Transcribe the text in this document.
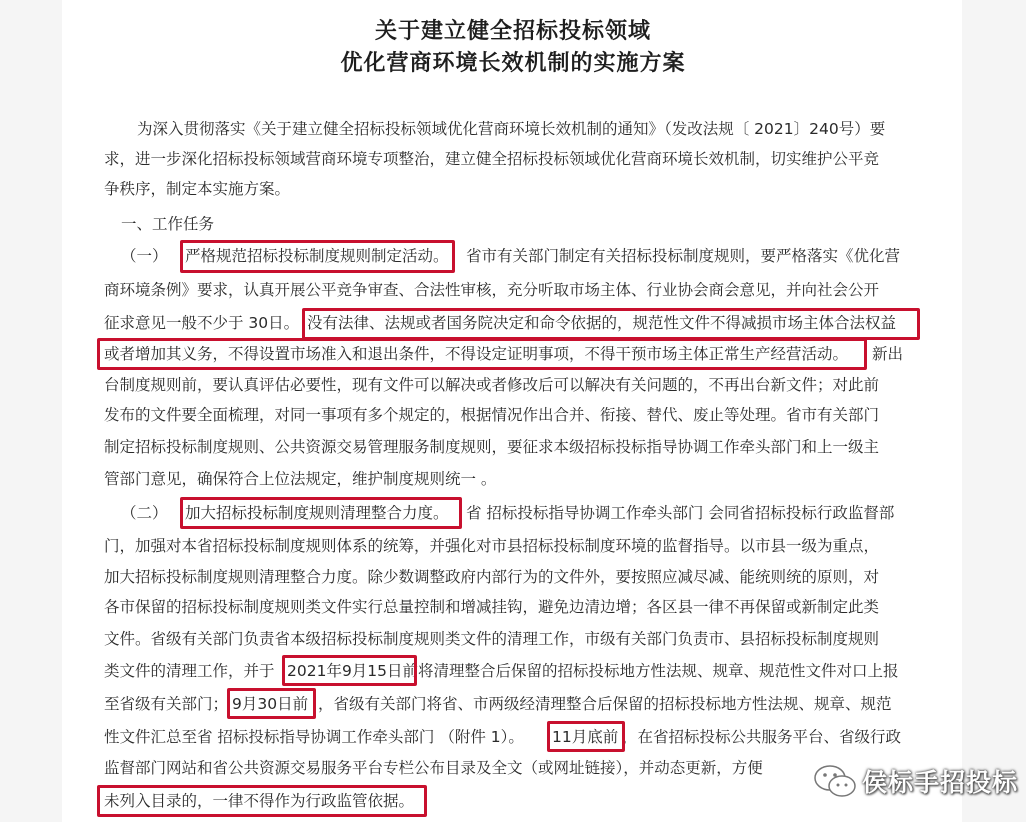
关于建立健全招标投标领域
优化营商环境长效机制的实施方案
为深入贯彻落实《关于建立健全招标投标领域优化营商环境长效机制的通知》（发改法规〔 2021〕240号）要
求，进一步深化招标投标领域营商环境专项整治，建立健全招标投标领域优化营商环境长效机制，切实维护公平竞
争秩序，制定本实施方案。
一、工作任务
（一） 严格规范招标投标制度规则制定活动。 省市有关部门制定有关招标投标制度规则，要严格落实《优化营
商环境条例》要求，认真开展公平竞争审查、合法性审核，充分听取市场主体、行业协会商会意见，并向社会公开
征求意见一般不少于 30日。 没有法律、法规或者国务院决定和命令依据的，规范性文件不得减损市场主体合法权益
或者增加其义务，不得设置市场准入和退出条件，不得设定证明事项，不得干预市场主体正常生产经营活动。 新出
台制度规则前，要认真评估必要性，现有文件可以解决或者修改后可以解决有关问题的，不再出台新文件；对此前
发布的文件要全面梳理，对同一事项有多个规定的，根据情况作出合并、衔接、替代、废止等处理。省市有关部门
制定招标投标制度规则、公共资源交易管理服务制度规则，要征求本级招标投标指导协调工作牵头部门和上一级主
管部门意见，确保符合上位法规定，维护制度规则统一 。
（二） 加大招标投标制度规则清理整合力度。 省 招标投标指导协调工作牵头部门 会同省招标投标行政监督部
门，加强对本省招标投标制度规则体系的统筹，并强化对市县招标投标制度环境的监督指导。以市县一级为重点，
加大招标投标制度规则清理整合力度。除少数调整政府内部行为的文件外，要按照应减尽减、能统则统的原则，对
各市保留的招标投标制度规则类文件实行总量控制和增减挂钩，避免边清边增；各区县一律不再保留或新制定此类
文件。省级有关部门负责省本级招标投标制度规则类文件的清理工作，市级有关部门负责市、县招标投标制度规则
类文件的清理工作，并于 2021年9月15日前 将清理整合后保留的招标投标地方性法规、规章、规范性文件对口上报
至省级有关部门； 9月30日前 ，省级有关部门将省、市两级经清理整合后保留的招标投标地方性法规、规章、规范
性文件汇总至省 招标投标指导协调工作牵头部门 （附件 1）。 11月底前 ，在省招标投标公共服务平台、省级行政
监督部门网站和省公共资源交易服务平台专栏公布目录及全文（或网址链接），并动态更新，方便
未列入目录的，一律不得作为行政监管依据。
侯标手招投标
